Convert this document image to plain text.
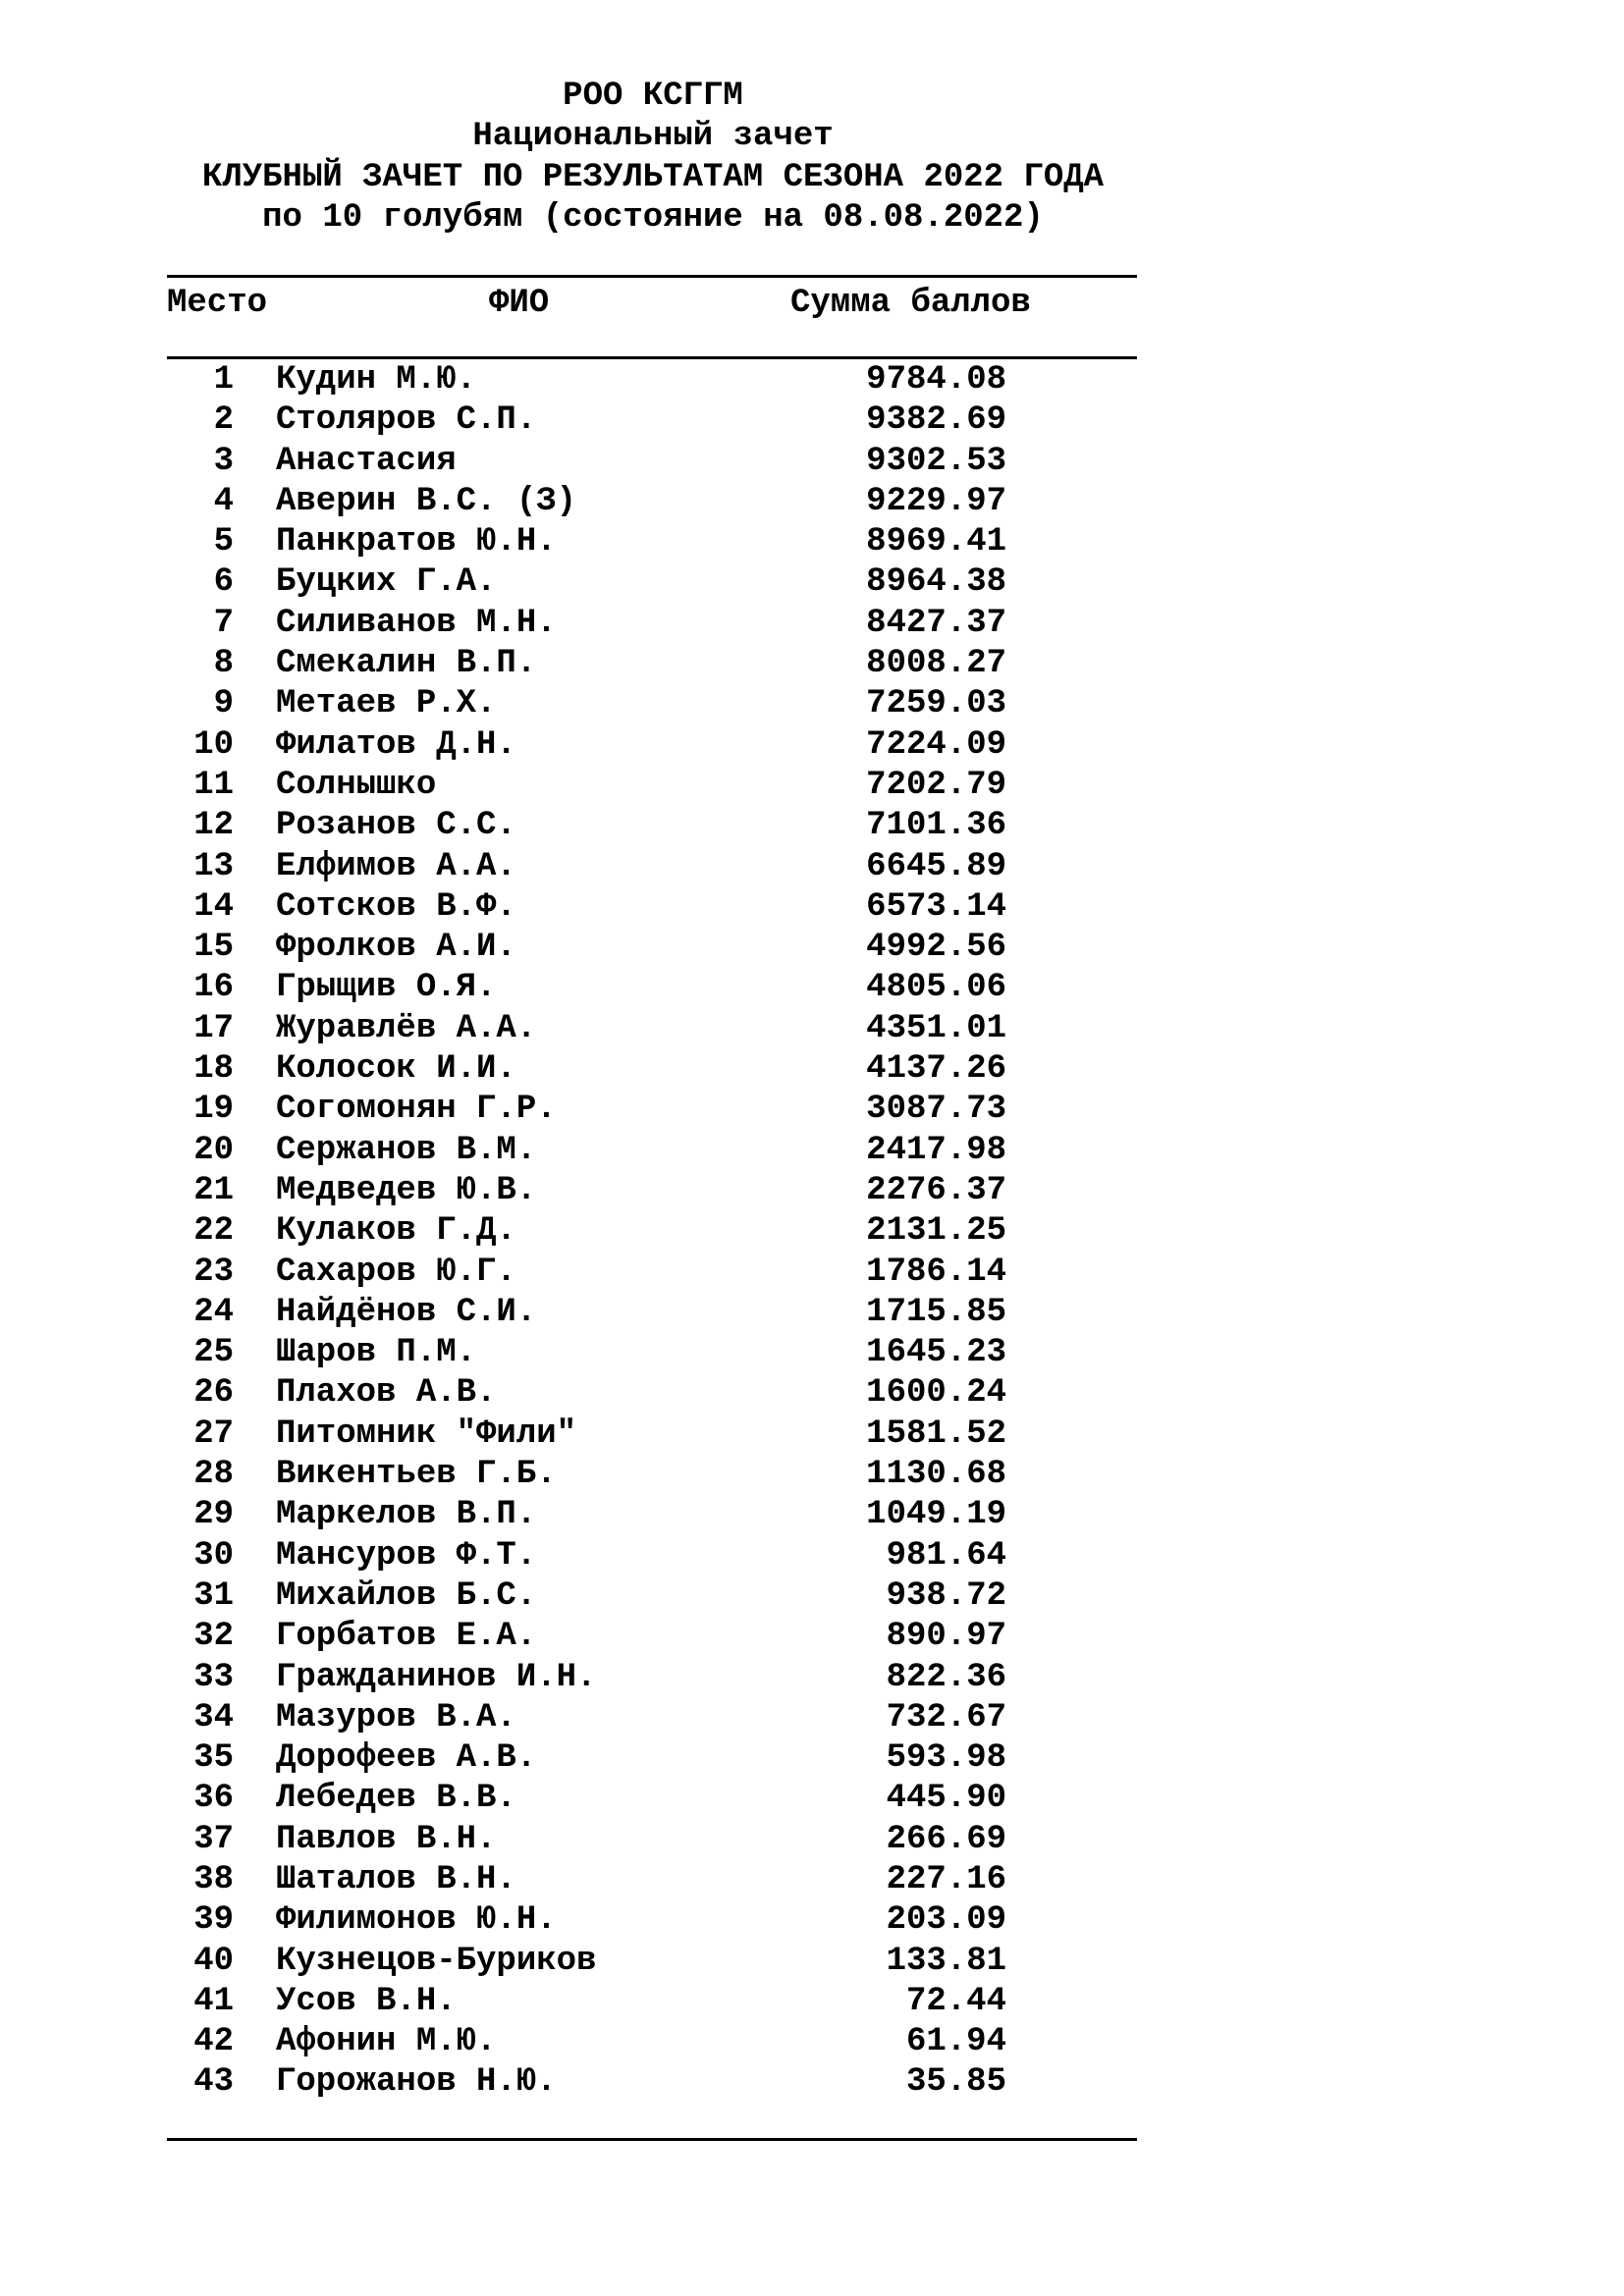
РОО КСГГМ
Национальный зачет
КЛУБНЫЙ ЗАЧЕТ ПО РЕЗУЛЬТАТАМ СЕЗОНА 2022 ГОДА
по 10 голубям (состояние на 08.08.2022)
Место	ФИО	Сумма баллов
1 Кудин М.Ю.	9784.08
2 Столяров С.П.	9382.69
3 Анастасия	9302.53
4 Аверин В.С. (З)	9229.97
5 Панкратов Ю.Н.	8969.41
6 Буцких Г.А.	8964.38
7 Силиванов М.Н.	8427.37
8 Смекалин В.П.	8008.27
9 Метаев Р.Х.	7259.03
10 Филатов Д.Н.	7224.09
11 Солнышко	7202.79
12 Розанов С.С.	7101.36
13 Елфимов А.А.	6645.89
14 Сотсков В.Ф.	6573.14
15 Фролков А.И.	4992.56
16 Грыщив О.Я.	4805.06
17 Журавлёв А.А.	4351.01
18 Колосок И.И.	4137.26
19 Согомонян Г.Р.	3087.73
20 Сержанов В.М.	2417.98
21 Медведев Ю.В.	2276.37
22 Кулаков Г.Д.	2131.25
23 Сахаров Ю.Г.	1786.14
24 Найдёнов С.И.	1715.85
25 Шаров П.М.	1645.23
26 Плахов А.В.	1600.24
27 Питомник "Фили"	1581.52
28 Викентьев Г.Б.	1130.68
29 Маркелов В.П.	1049.19
30 Мансуров Ф.Т.	981.64
31 Михайлов Б.С.	938.72
32 Горбатов Е.А.	890.97
33 Гражданинов И.Н.	822.36
34 Мазуров В.А.	732.67
35 Дорофеев А.В.	593.98
36 Лебедев В.В.	445.90
37 Павлов В.Н.	266.69
38 Шаталов В.Н.	227.16
39 Филимонов Ю.Н.	203.09
40 Кузнецов-Буриков	133.81
41 Усов В.Н.	72.44
42 Афонин М.Ю.	61.94
43 Горожанов Н.Ю.	35.85
